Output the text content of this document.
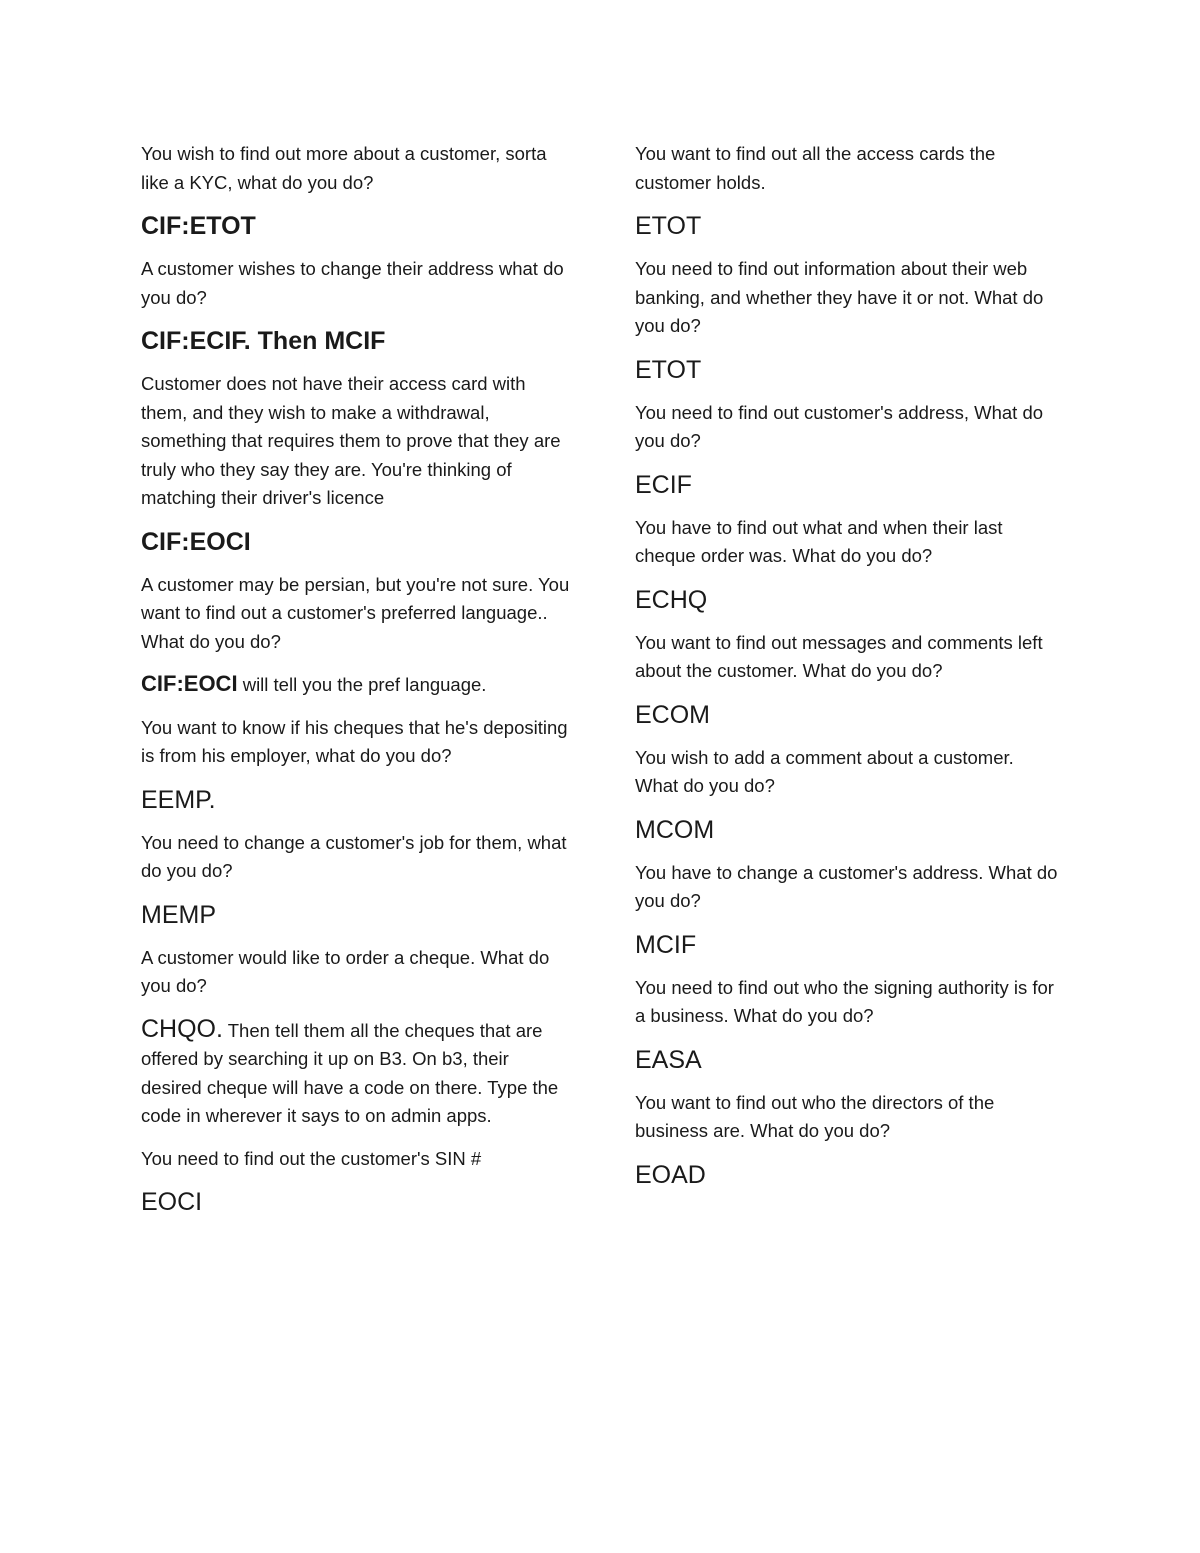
You wish to find out more about a customer, sorta like a KYC, what do you do?

CIF:ETOT

A customer wishes to change their address what do you do?

CIF:ECIF. Then MCIF

Customer does not have their access card with them, and they wish to make a withdrawal, something that requires them to prove that they are truly who they say they are. You're thinking of matching their driver's licence

CIF:EOCI

A customer may be persian, but you're not sure. You want to find out a customer's preferred language.. What do you do?

CIF:EOCI will tell you the pref language.

You want to know if his cheques that he's depositing is from his employer, what do you do?

EEMP.

You need to change a customer's job for them, what do you do?

MEMP

A customer would like to order a cheque. What do you do?

CHQO. Then tell them all the cheques that are offered by searching it up on B3. On b3, their desired cheque will have a code on there. Type the code in wherever it says to on admin apps.

You need to find out the customer's SIN #

EOCI

You want to find out all the access cards the customer holds.

ETOT

You need to find out information about their web banking, and whether they have it or not. What do you do?

ETOT

You need to find out customer's address, What do you do?

ECIF

You have to find out what and when their last cheque order was. What do you do?

ECHQ

You want to find out messages and comments left about the customer. What do you do?

ECOM

You wish to add a comment about a customer. What do you do?

MCOM

You have to change a customer's address. What do you do?

MCIF

You need to find out who the signing authority is for a business. What do you do?

EASA

You want to find out who the directors of the business are. What do you do?

EOAD
